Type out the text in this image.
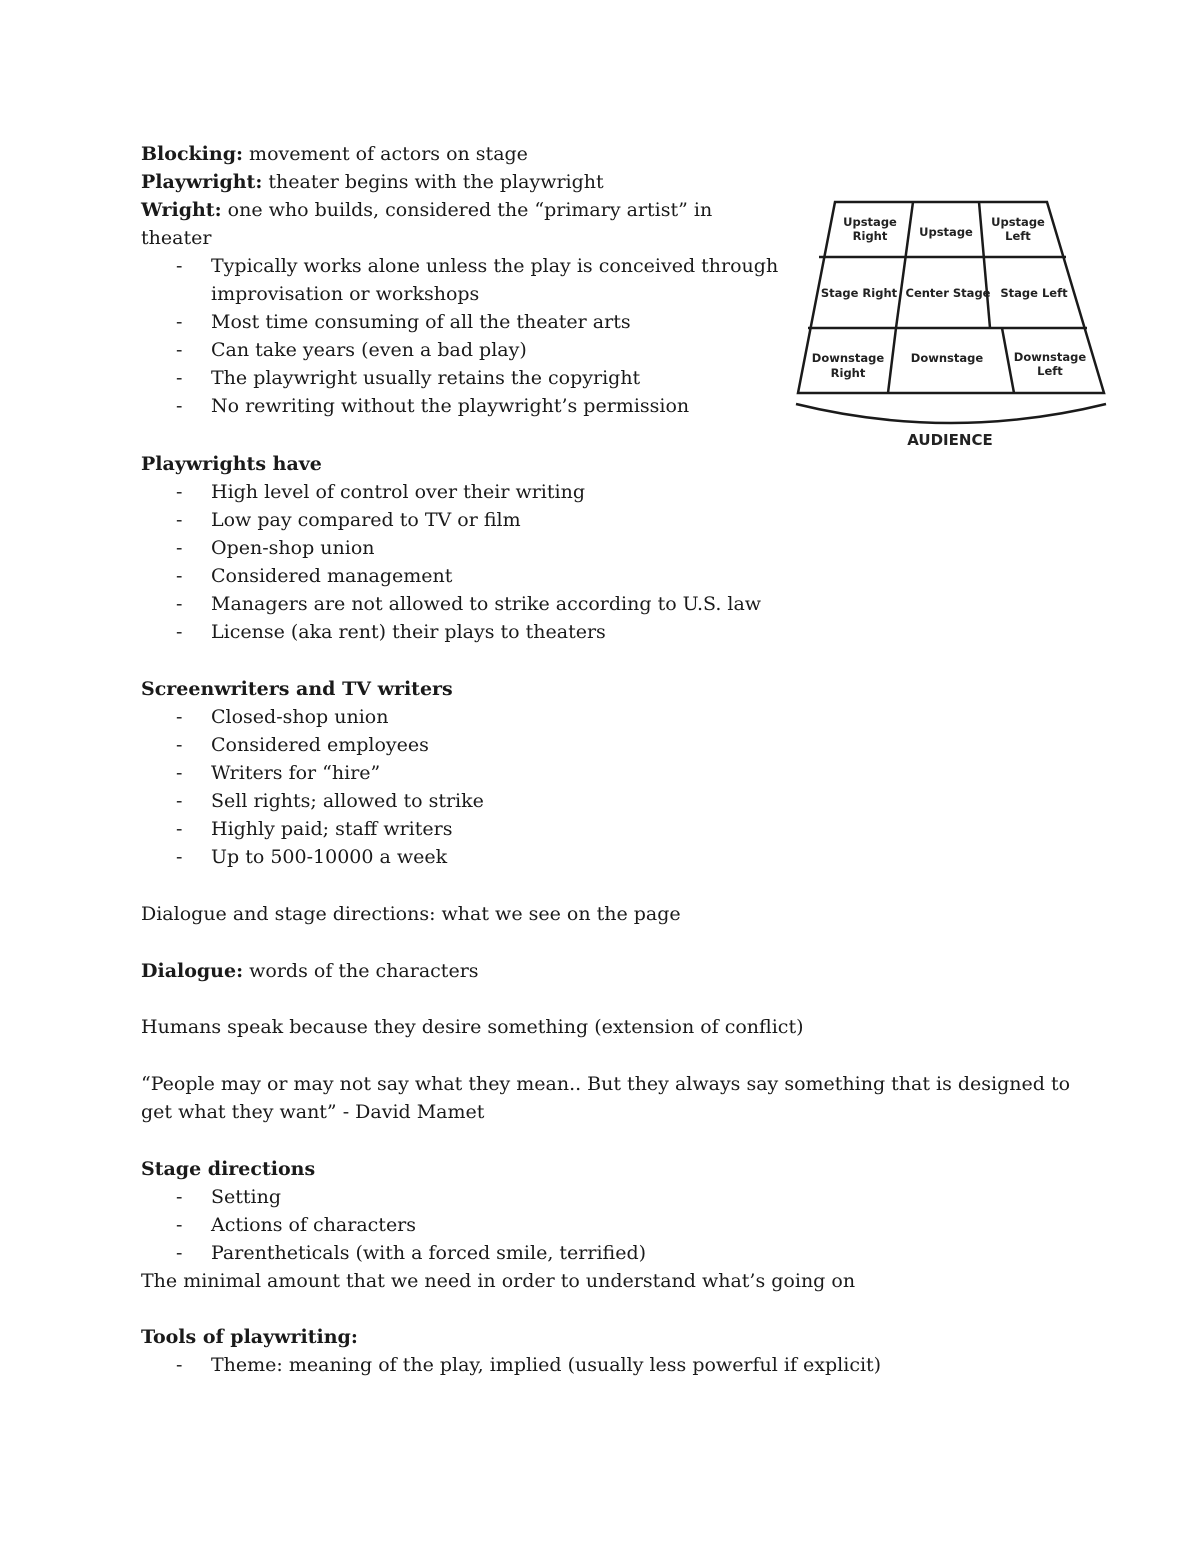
Blocking: movement of actors on stage
Playwright: theater begins with the playwright
Wright: one who builds, considered the “primary artist” in
theater
- Typically works alone unless the play is conceived through
improvisation or workshops
- Most time consuming of all the theater arts
- Can take years (even a bad play)
- The playwright usually retains the copyright
- No rewriting without the playwright’s permission
Playwrights have
- High level of control over their writing
- Low pay compared to TV or film
- Open-shop union
- Considered management
- Managers are not allowed to strike according to U.S. law
- License (aka rent) their plays to theaters
Screenwriters and TV writers
- Closed-shop union
- Considered employees
- Writers for “hire”
- Sell rights; allowed to strike
- Highly paid; staff writers
- Up to 500-10000 a week
Dialogue and stage directions: what we see on the page
Dialogue: words of the characters
Humans speak because they desire something (extension of conflict)
“People may or may not say what they mean.. But they always say something that is designed to
get what they want” - David Mamet
Stage directions
- Setting
- Actions of characters
- Parentheticals (with a forced smile, terrified)
The minimal amount that we need in order to understand what’s going on
Tools of playwriting:
- Theme: meaning of the play, implied (usually less powerful if explicit)
Upstage
Right	Upstage
Upstage
Left
Stage Right Center Stage Stage Left
Downstage
Right
Downstage	Downstage
Left
AUDIENCE
